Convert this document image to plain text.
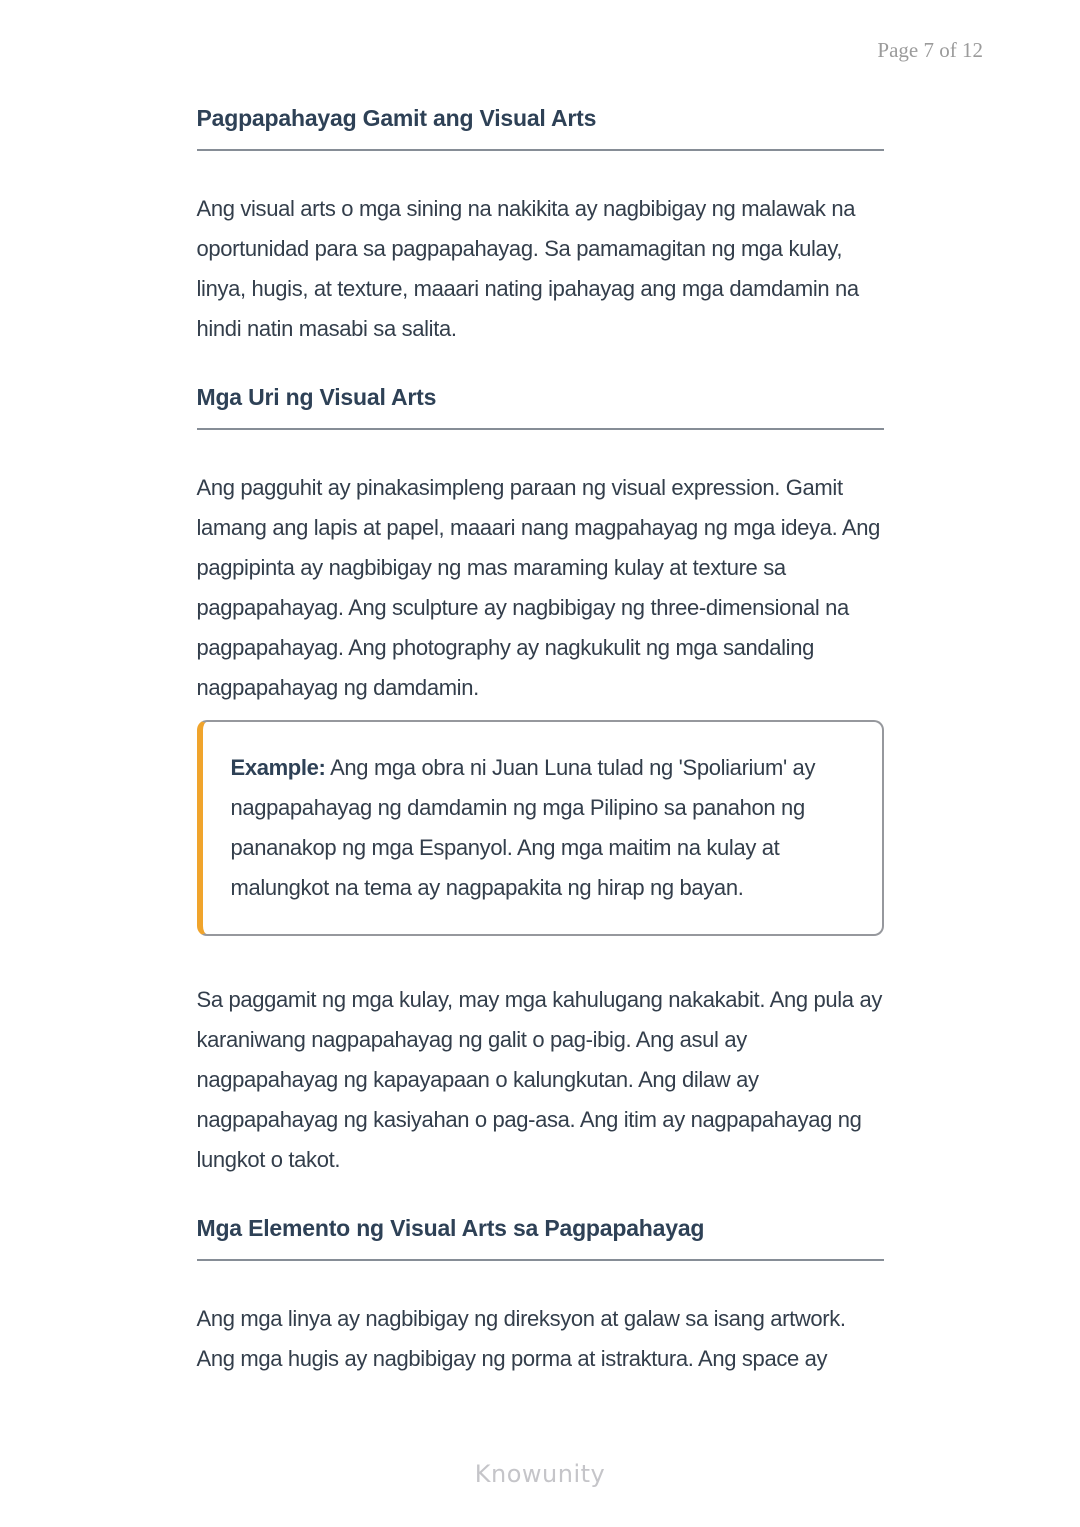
Page 7 of 12
Pagpapahayag Gamit ang Visual Arts

Ang visual arts o mga sining na nakikita ay nagbibigay ng malawak na oportunidad para sa pagpapahayag. Sa pamamagitan ng mga kulay, linya, hugis, at texture, maaari nating ipahayag ang mga damdamin na hindi natin masabi sa salita.

Mga Uri ng Visual Arts

Ang pagguhit ay pinakasimpleng paraan ng visual expression. Gamit lamang ang lapis at papel, maaari nang magpahayag ng mga ideya. Ang pagpipinta ay nagbibigay ng mas maraming kulay at texture sa pagpapahayag. Ang sculpture ay nagbibigay ng three-dimensional na pagpapahayag. Ang photography ay nagkukulit ng mga sandaling nagpapahayag ng damdamin.

Example: Ang mga obra ni Juan Luna tulad ng 'Spoliarium' ay nagpapahayag ng damdamin ng mga Pilipino sa panahon ng pananakop ng mga Espanyol. Ang mga maitim na kulay at malungkot na tema ay nagpapakita ng hirap ng bayan.

Sa paggamit ng mga kulay, may mga kahulugang nakakabit. Ang pula ay karaniwang nagpapahayag ng galit o pag-ibig. Ang asul ay nagpapahayag ng kapayapaan o kalungkutan. Ang dilaw ay nagpapahayag ng kasiyahan o pag-asa. Ang itim ay nagpapahayag ng lungkot o takot.

Mga Elemento ng Visual Arts sa Pagpapahayag

Ang mga linya ay nagbibigay ng direksyon at galaw sa isang artwork. Ang mga hugis ay nagbibigay ng porma at istraktura. Ang space ay

Knowunity
